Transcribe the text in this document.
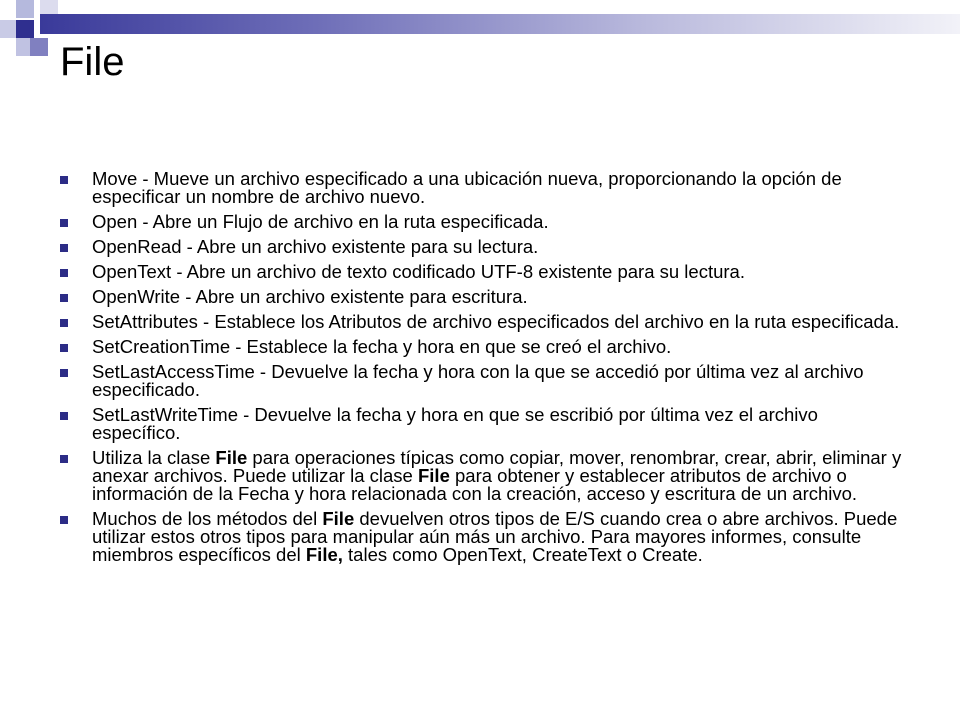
File
Move - Mueve un archivo especificado a una ubicación nueva, proporcionando la opción de especificar un nombre de archivo nuevo.
Open - Abre un Flujo de archivo en la ruta especificada.
OpenRead - Abre un archivo existente para su lectura.
OpenText - Abre un archivo de texto codificado UTF-8 existente para su lectura.
OpenWrite - Abre un archivo existente para escritura.
SetAttributes - Establece los Atributos de archivo especificados del archivo en la ruta especificada.
SetCreationTime - Establece la fecha y hora en que se creó el archivo.
SetLastAccessTime - Devuelve la fecha y hora con la que se accedió por última vez al archivo especificado.
SetLastWriteTime - Devuelve la fecha y hora en que se escribió por última vez el archivo específico.
Utiliza la clase File para operaciones típicas como copiar, mover, renombrar, crear, abrir, eliminar y anexar archivos. Puede utilizar la clase File para obtener y establecer atributos de archivo o información de la Fecha y hora relacionada con la creación, acceso y escritura de un archivo.
Muchos de los métodos del File devuelven otros tipos de E/S cuando crea o abre archivos. Puede utilizar estos otros tipos para manipular aún más un archivo. Para mayores informes, consulte miembros específicos del File, tales como OpenText, CreateText o Create.
